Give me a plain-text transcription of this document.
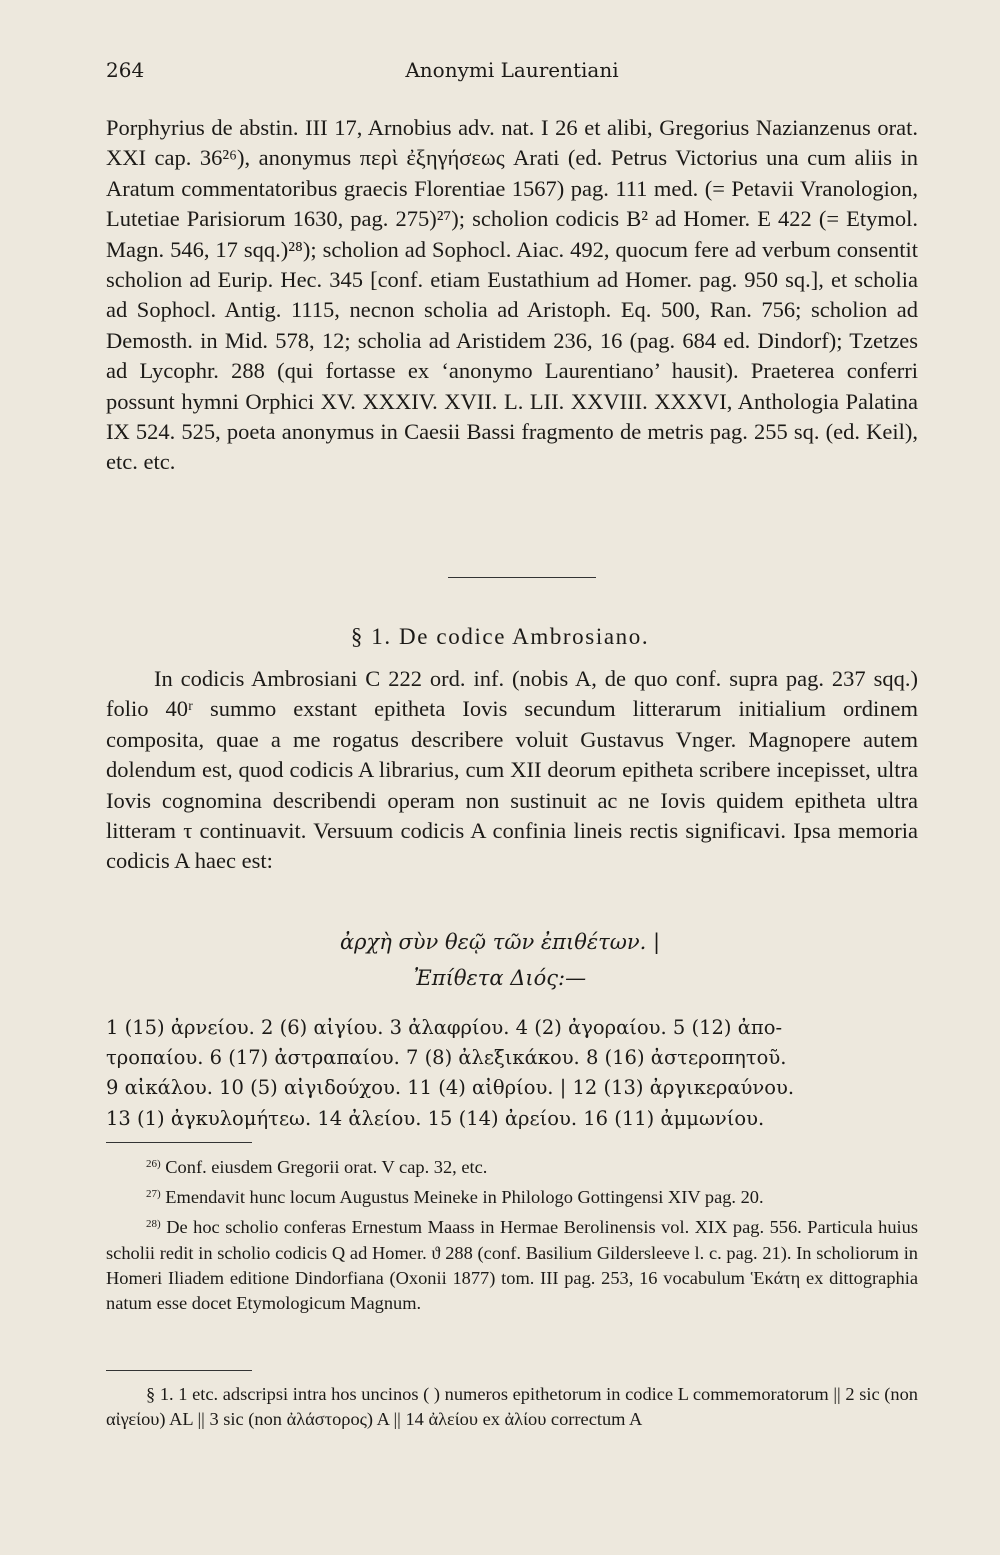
264	Anonymi Laurentiani

Porphyrius de abstin. III 17, Arnobius adv. nat. I 26 et alibi, Gregorius Nazianzenus orat. XXI cap. 36²⁶), anonymus περὶ ἐξηγήσεως Arati (ed. Petrus Victorius una cum aliis in Aratum commentatoribus graecis Florentiae 1567) pag. 111 med. (= Petavii Vranologion, Lutetiae Parisiorum 1630, pag. 275)²⁷); scholion codicis B² ad Homer. E 422 (= Etymol. Magn. 546, 17 sqq.)²⁸); scholion ad Sophocl. Aiac. 492, quocum fere ad verbum consentit scholion ad Eurip. Hec. 345 [conf. etiam Eustathium ad Homer. pag. 950 sq.], et scholia ad Sophocl. Antig. 1115, necnon scholia ad Aristoph. Eq. 500, Ran. 756; scholion ad Demosth. in Mid. 578, 12; scholia ad Aristidem 236, 16 (pag. 684 ed. Dindorf); Tzetzes ad Lycophr. 288 (qui fortasse ex ‘anonymo Laurentiano’ hausit). Praeterea conferri possunt hymni Orphici XV. XXXIV. XVII. L. LII. XXVIII. XXXVI, Anthologia Palatina IX 524. 525, poeta anonymus in Caesii Bassi fragmento de metris pag. 255 sq. (ed. Keil), etc. etc.

§ 1. De codice Ambrosiano.

In codicis Ambrosiani C 222 ord. inf. (nobis A, de quo conf. supra pag. 237 sqq.) folio 40ʳ summo exstant epitheta Iovis secundum litterarum initialium ordinem composita, quae a me rogatus describere voluit Gustavus Vnger. Magnopere autem dolendum est, quod codicis A librarius, cum XII deorum epitheta scribere incepisset, ultra Iovis cognomina describendi operam non sustinuit ac ne Iovis quidem epitheta ultra litteram τ continuavit. Versuum codicis A confinia lineis rectis significavi. Ipsa memoria codicis A haec est:

ἀρχὴ σὺν θεῷ τῶν ἐπιθέτων. |
Ἐπίθετα Διός:—
1 (15) ἀρνείου. 2 (6) αἰγίου. 3 ἀλαφρίου. 4 (2) ἀγοραίου. 5 (12) ἀπο-
τροπαίου. 6 (17) ἀστραπαίου. 7 (8) ἀλεξικάκου. 8 (16) ἀστεροπητοῦ.
9 αἰκάλου. 10 (5) αἰγιδούχου. 11 (4) αἰθρίου. | 12 (13) ἀργικεραύνου.
13 (1) ἀγκυλομήτεω. 14 ἀλείου. 15 (14) ἀρείου. 16 (11) ἀμμωνίου.

$^{26)}$ Conf. eiusdem Gregorii orat. V cap. 32, etc.

$^{27)}$ Emendavit hunc locum Augustus Meineke in Philologo Gottingensi XIV pag. 20.

$^{28)}$ De hoc scholio conferas Ernestum Maass in Hermae Berolinensis vol. XIX pag. 556. Particula huius scholii redit in scholio codicis Q ad Homer. ϑ 288 (conf. Basilium Gildersleeve l. c. pag. 21). In scholiorum in Homeri Iliadem editione Dindorfiana (Oxonii 1877) tom. III pag. 253, 16 vocabulum Ἑκάτη ex dittographia natum esse docet Etymologicum Magnum.

§ 1. 1 etc. adscripsi intra hos uncinos ( ) numeros epithetorum in codice L commemoratorum || 2 sic (non αἰγείου) AL || 3 sic (non ἀλάστορος) A || 14 ἀλείου ex ἀλίου correctum A
